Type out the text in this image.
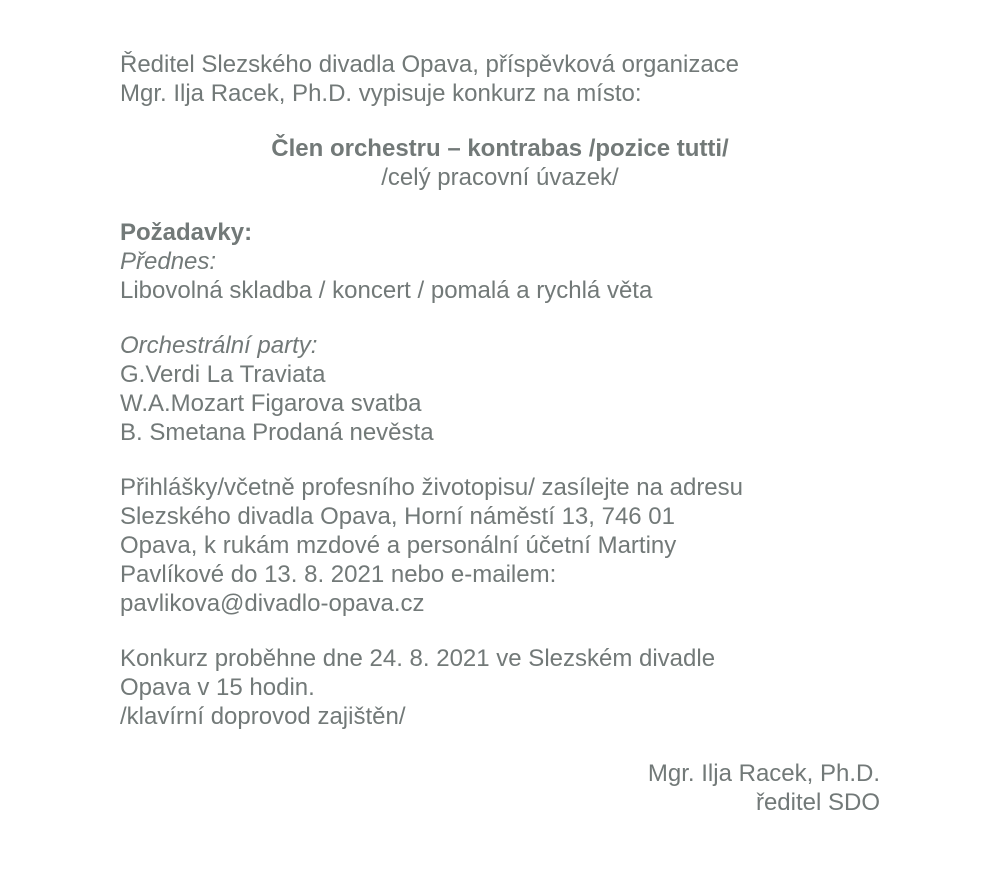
Ředitel Slezského divadla Opava, příspěvková organizace
Mgr. Ilja Racek, Ph.D. vypisuje konkurz na místo:
Člen orchestru – kontrabas /pozice tutti/
/celý pracovní úvazek/
Požadavky:
Přednes:
Libovolná skladba / koncert / pomalá a rychlá věta
Orchestrální party:
G.Verdi La Traviata
W.A.Mozart Figarova svatba
B. Smetana Prodaná nevěsta
Přihlášky/včetně profesního životopisu/ zasílejte na adresu
Slezského divadla Opava, Horní náměstí 13, 746 01
Opava, k rukám mzdové a personální účetní Martiny
Pavlíkové do 13. 8. 2021 nebo e-mailem:
pavlikova@divadlo-opava.cz
Konkurz proběhne dne 24. 8. 2021 ve Slezském divadle
Opava v 15 hodin.
/klavírní doprovod zajištěn/
Mgr. Ilja Racek, Ph.D.
ředitel SDO
